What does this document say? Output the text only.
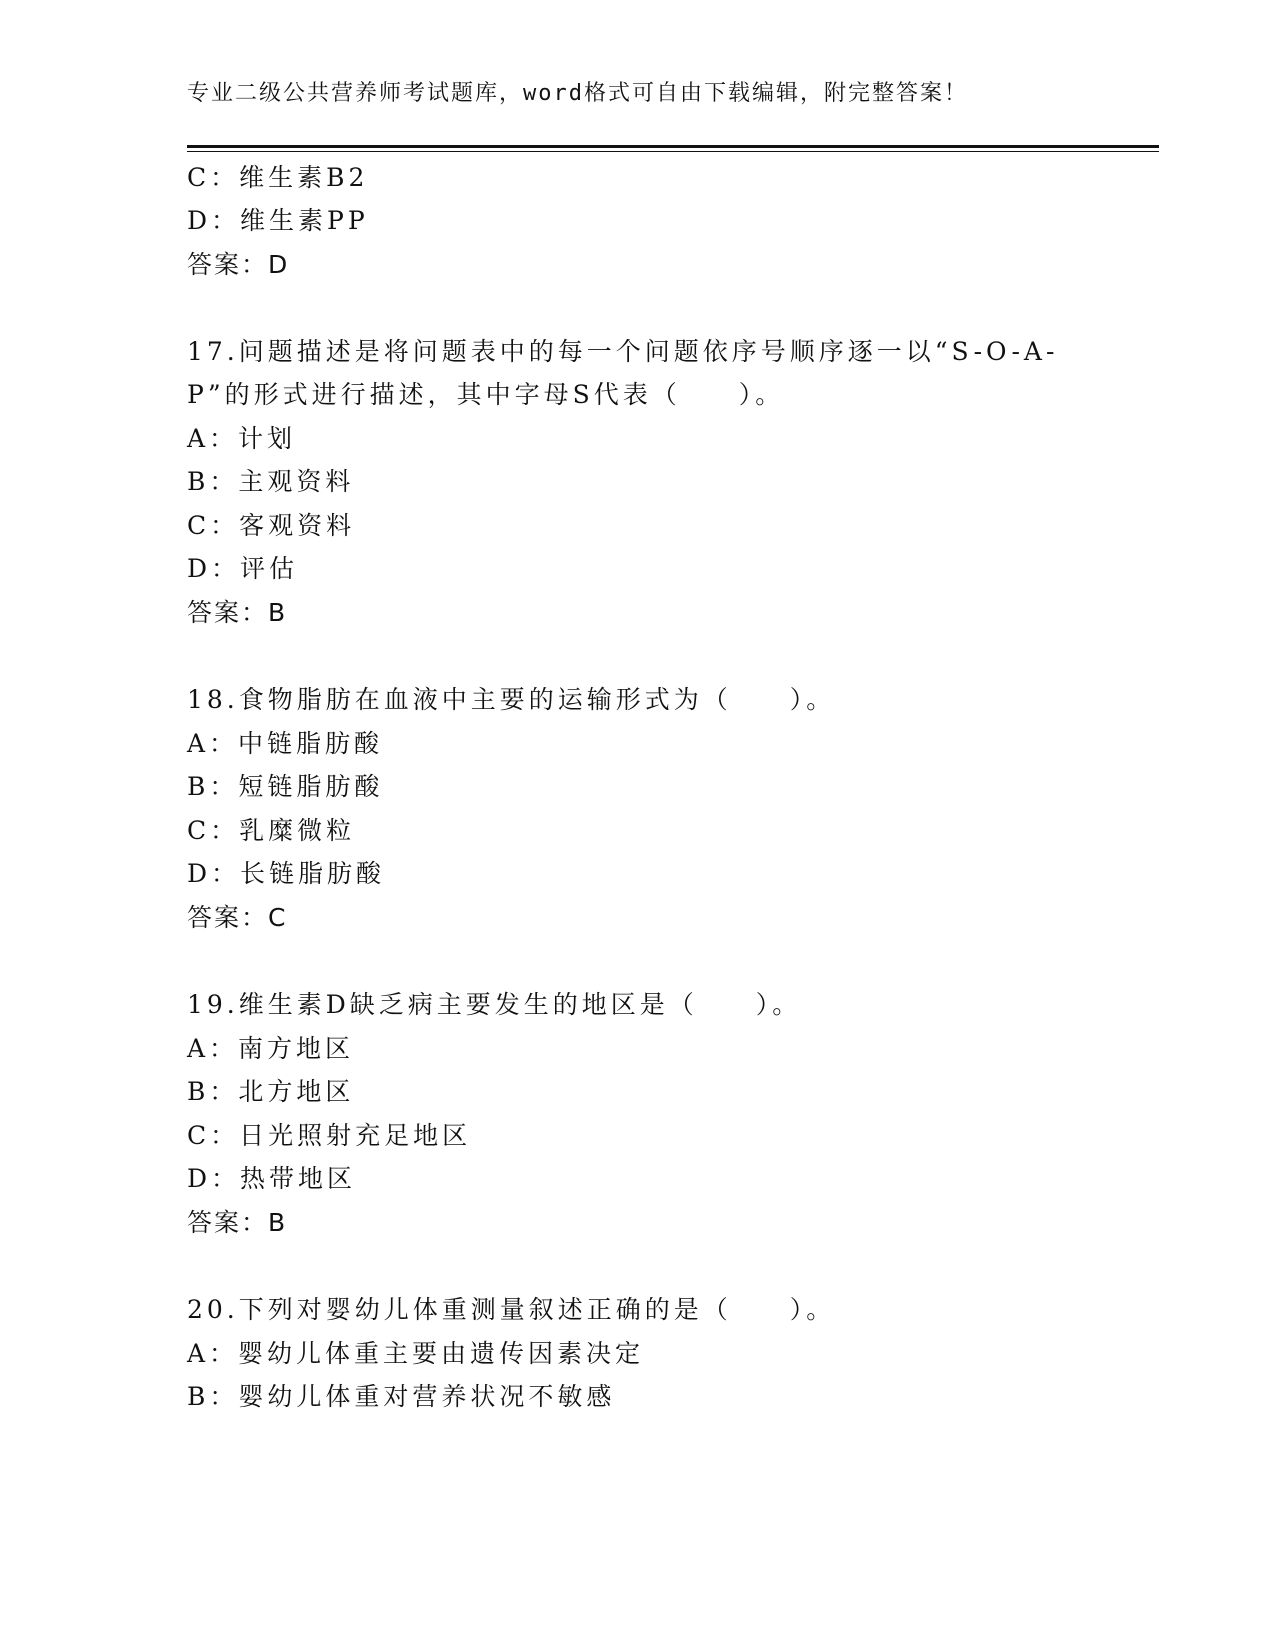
专业二级公共营养师考试题库，word格式可自由下载编辑，附完整答案！
C：维生素B2
D：维生素PP
答案：D
17.问题描述是将问题表中的每一个问题依序号顺序逐一以“S-O-A-
P”的形式进行描述，其中字母S代表（　　）。
A：计划
B：主观资料
C：客观资料
D：评估
答案：B
18.食物脂肪在血液中主要的运输形式为（　　）。
A：中链脂肪酸
B：短链脂肪酸
C：乳糜微粒
D：长链脂肪酸
答案：C
19.维生素D缺乏病主要发生的地区是（　　）。
A：南方地区
B：北方地区
C：日光照射充足地区
D：热带地区
答案：B
20.下列对婴幼儿体重测量叙述正确的是（　　）。
A：婴幼儿体重主要由遗传因素决定
B：婴幼儿体重对营养状况不敏感
